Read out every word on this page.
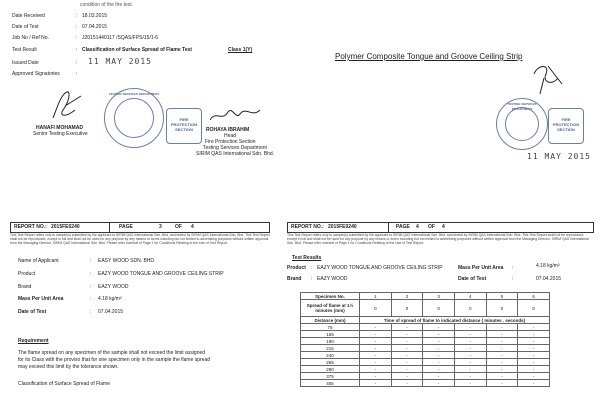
condition of the fire test.
Date Received	: 18.03.2015
Date of Test	: 07.04.2015
Job No / Ref No.	: J20151440117 /SQAS/FPS/15/1-6
Test Result	: Classification of Surface Spread of Flame Test	Class 1(Y)
Issued Date	: 11 MAY 2015
Approved Signatories	:
HANAFI MOHAMAD
Senior Testing Executive
TESTING SERVICES DEPARTMENT
FIRE
PROTECTION
SECTION	ROHAYA IBRAHIM
Head
Fire Protection Section
Testing Services Department
SIRIM QAS International Sdn. Bhd.
Polymer Composite Tongue and Groove Ceiling Strip
TESTING SERVICES DEPARTMENT
FIRE
PROTECTION
SECTION
11 MAY 2015
REPORT NO.: 2015FE0240	PAGE	3	OF 4
This Test Report refers only to sample(s) submitted by the applicant to SIRIM QAS International Sdn. Bhd. and tested by SIRIM QAS International Sdn. Bhd. This Test Report shall not be reproduced, except in full and shall not be used for any purpose by any means or forms including but not limited to advertising purposes without written approval from the Managing Director, SIRIM QAS International Sdn. Bhd. Please refer overleaf of Page 1 for Conditions Relating to the Use of Test Report.
Name of Applicant	: EASY WOOD SDN. BHD.
Product	: EAZY WOOD TONGUE AND GROOVE CEILING STRIP
Brand	: EAZY WOOD
Mass Per Unit Area	: 4.18 kg/m²
Date of Test	: 07.04.2015
Requirement
The flame spread on any specimen of the sample shall not exceed the limit assigned
for its Class with the proviso that for one specimen only in the sample the flame spread
may exceed this limit by the tolerance shown.
Classification of Surface Spread of Flame
REPORT NO.: 2015FE0240	PAGE 4 OF 4
This Test Report refers only to sample(s) submitted by the applicant to SIRIM QAS International Sdn. Bhd. and tested by SIRIM QAS International Sdn. Bhd. This Test Report shall not be reproduced, except in full and shall not be used for any purpose by any means or forms including but not limited to advertising purposes without written approval from the Managing Director, SIRIM QAS International Sdn. Bhd. Please refer overleaf of Page 1 for Conditions Relating to the Use of Test Report.
Test Results
Product : EAZY WOOD TONGUE AND GROOVE CEILING STRIP	Mass Per Unit Area :	4.18 kg/m²
Brand : EAZY WOOD	Date of Test	:	07.04.2015
Specimen No.	1	2	3	4	5	6
Spread of flame at 1½ minutes (mm)	0	0	0	0	0	0
Distance (mm)	Time of spread of flame to indicated distance ( minutes . seconds)					
75	-	-	-	-	-	-
165	-	-	-	-	-	-
190	-	-	-	-	-	-
215	-	-	-	-	-	-
240	-	-	-	-	-	-
265	-	-	-	-	-	-
290	-	-	-	-	-	-
375	-	-	-	-	-	-
455	-	-	-	-	-	-
